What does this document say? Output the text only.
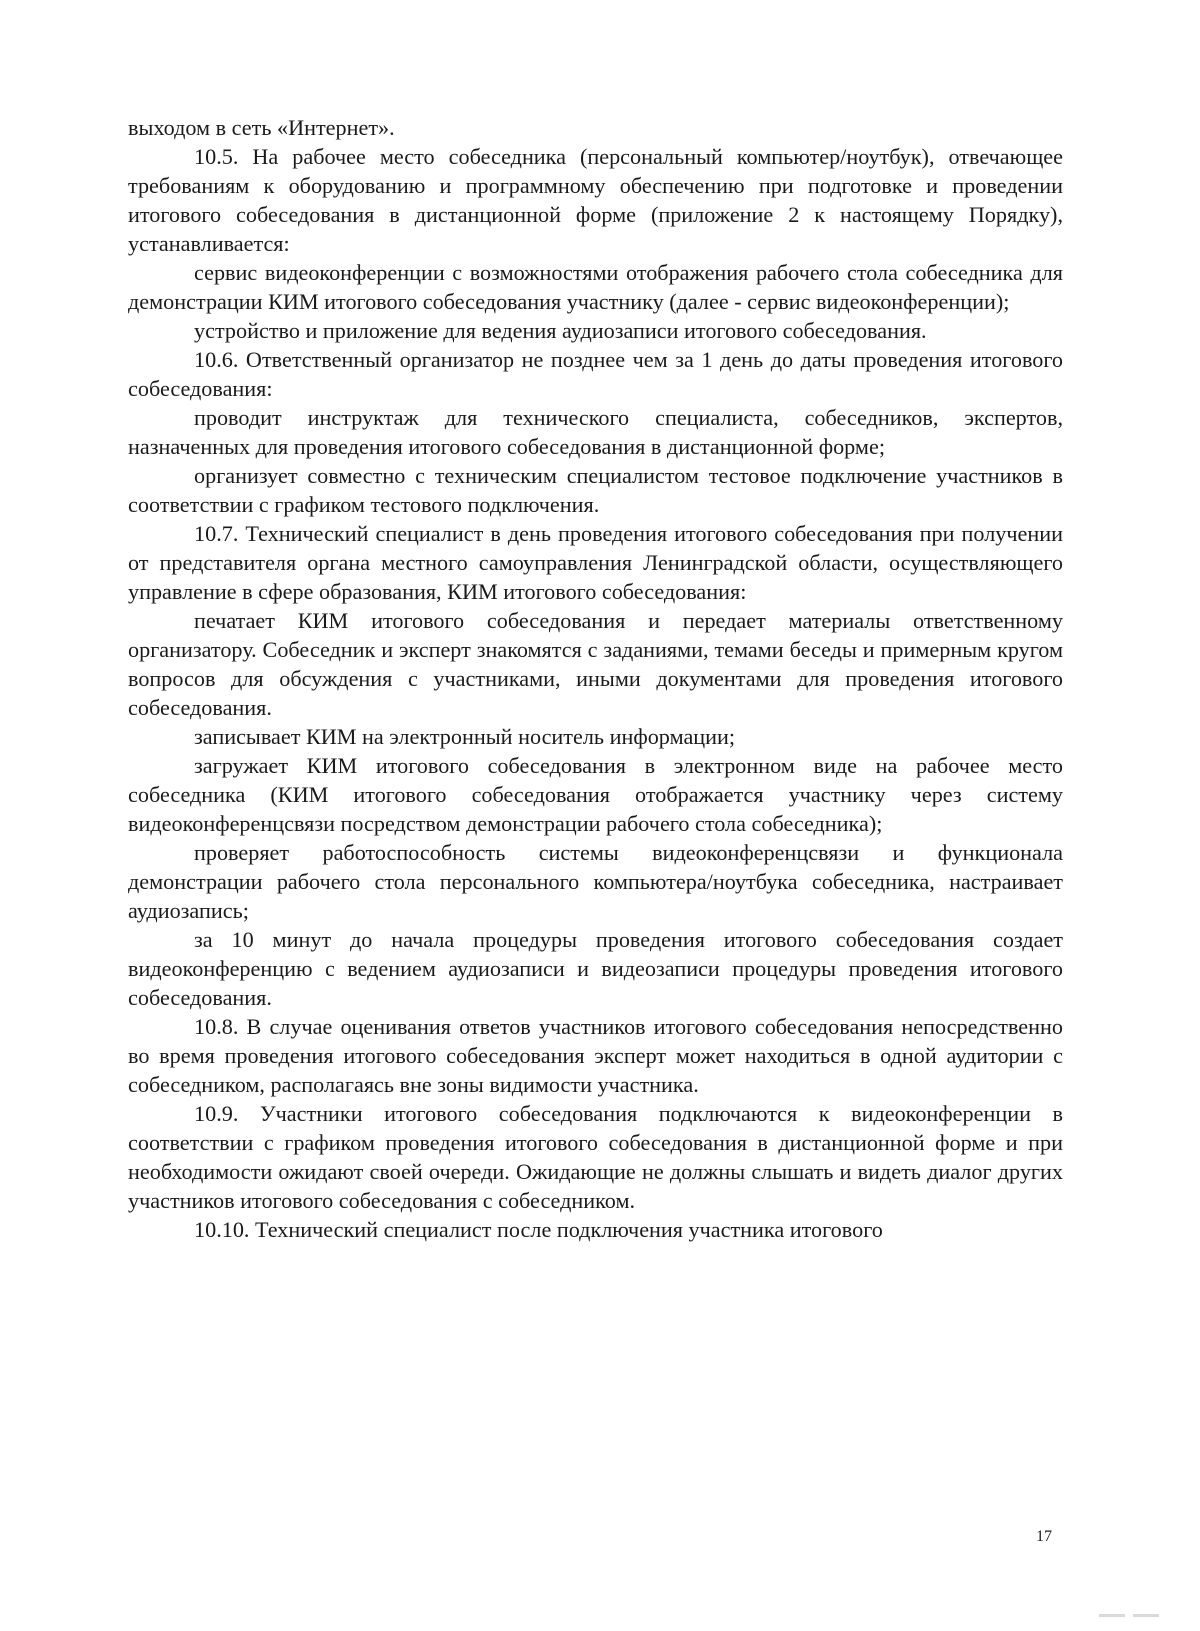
выходом в сеть «Интернет».

10.5. На рабочее место собеседника (персональный компьютер/ноутбук), отвечающее требованиям к оборудованию и программному обеспечению при подготовке и проведении итогового собеседования в дистанционной форме (приложение 2 к настоящему Порядку), устанавливается:

сервис видеоконференции с возможностями отображения рабочего стола собеседника для демонстрации КИМ итогового собеседования участнику (далее - сервис видеоконференции);

устройство и приложение для ведения аудиозаписи итогового собеседования.

10.6. Ответственный организатор не позднее чем за 1 день до даты проведения итогового собеседования:

проводит инструктаж для технического специалиста, собеседников, экспертов, назначенных для проведения итогового собеседования в дистанционной форме;

организует совместно с техническим специалистом тестовое подключение участников в соответствии с графиком тестового подключения.

10.7. Технический специалист в день проведения итогового собеседования при получении от представителя органа местного самоуправления Ленинградской области, осуществляющего управление в сфере образования, КИМ итогового собеседования:

печатает КИМ итогового собеседования и передает материалы ответственному организатору. Собеседник и эксперт знакомятся с заданиями, темами беседы и примерным кругом вопросов для обсуждения с участниками, иными документами для проведения итогового собеседования.

записывает КИМ на электронный носитель информации;

загружает КИМ итогового собеседования в электронном виде на рабочее место собеседника (КИМ итогового собеседования отображается участнику через систему видеоконференцсвязи посредством демонстрации рабочего стола собеседника);

проверяет работоспособность системы видеоконференцсвязи и функционала демонстрации рабочего стола персонального компьютера/ноутбука собеседника, настраивает аудиозапись;

за 10 минут до начала процедуры проведения итогового собеседования создает видеоконференцию с ведением аудиозаписи и видеозаписи процедуры проведения итогового собеседования.

10.8. В случае оценивания ответов участников итогового собеседования непосредственно во время проведения итогового собеседования эксперт может находиться в одной аудитории с собеседником, располагаясь вне зоны видимости участника.

10.9. Участники итогового собеседования подключаются к видеоконференции в соответствии с графиком проведения итогового собеседования в дистанционной форме и при необходимости ожидают своей очереди. Ожидающие не должны слышать и видеть диалог других участников итогового собеседования с собеседником.

10.10. Технический специалист после подключения участника итогового

17
